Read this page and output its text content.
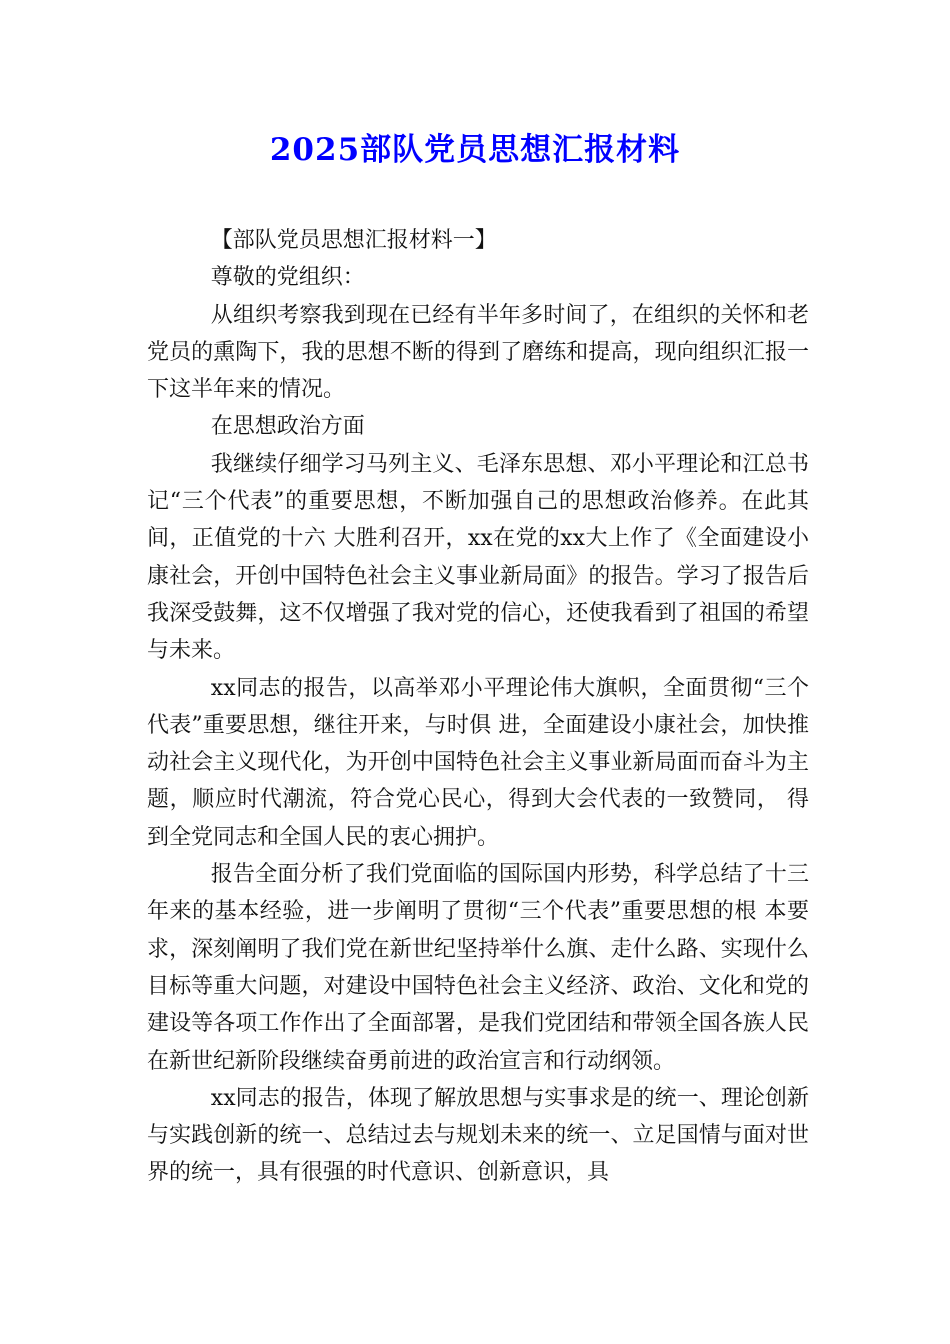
2025部队党员思想汇报材料

【部队党员思想汇报材料一】

尊敬的党组织：

从组织考察我到现在已经有半年多时间了，在组织的关怀和老党员的熏陶下，我的思想不断的得到了磨练和提高，现向组织汇报一下这半年来的情况。

在思想政治方面

我继续仔细学习马列主义、毛泽东思想、邓小平理论和江总书记“三个代表”的重要思想，不断加强自己的思想政治修养。在此其间，正值党的十六 大胜利召开，xx在党的xx大上作了《全面建设小康社会，开创中国特色社会主义事业新局面》的报告。学习了报告后我深受鼓舞，这不仅增强了我对党的信心，还使我看到了祖国的希望与未来。

xx同志的报告，以高举邓小平理论伟大旗帜，全面贯彻“三个代表”重要思想，继往开来，与时俱 进，全面建设小康社会，加快推动社会主义现代化，为开创中国特色社会主义事业新局面而奋斗为主题，顺应时代潮流，符合党心民心，得到大会代表的一致赞同， 得到全党同志和全国人民的衷心拥护。

报告全面分析了我们党面临的国际国内形势，科学总结了十三年来的基本经验，进一步阐明了贯彻“三个代表”重要思想的根 本要求，深刻阐明了我们党在新世纪坚持举什么旗、走什么路、实现什么目标等重大问题，对建设中国特色社会主义经济、政治、文化和党的建设等各项工作作出了全面部署，是我们党团结和带领全国各族人民在新世纪新阶段继续奋勇前进的政治宣言和行动纲领。

xx同志的报告，体现了解放思想与实事求是的统一、理论创新与实践创新的统一、总结过去与规划未来的统一、立足国情与面对世界的统一，具有很强的时代意识、创新意识，具
